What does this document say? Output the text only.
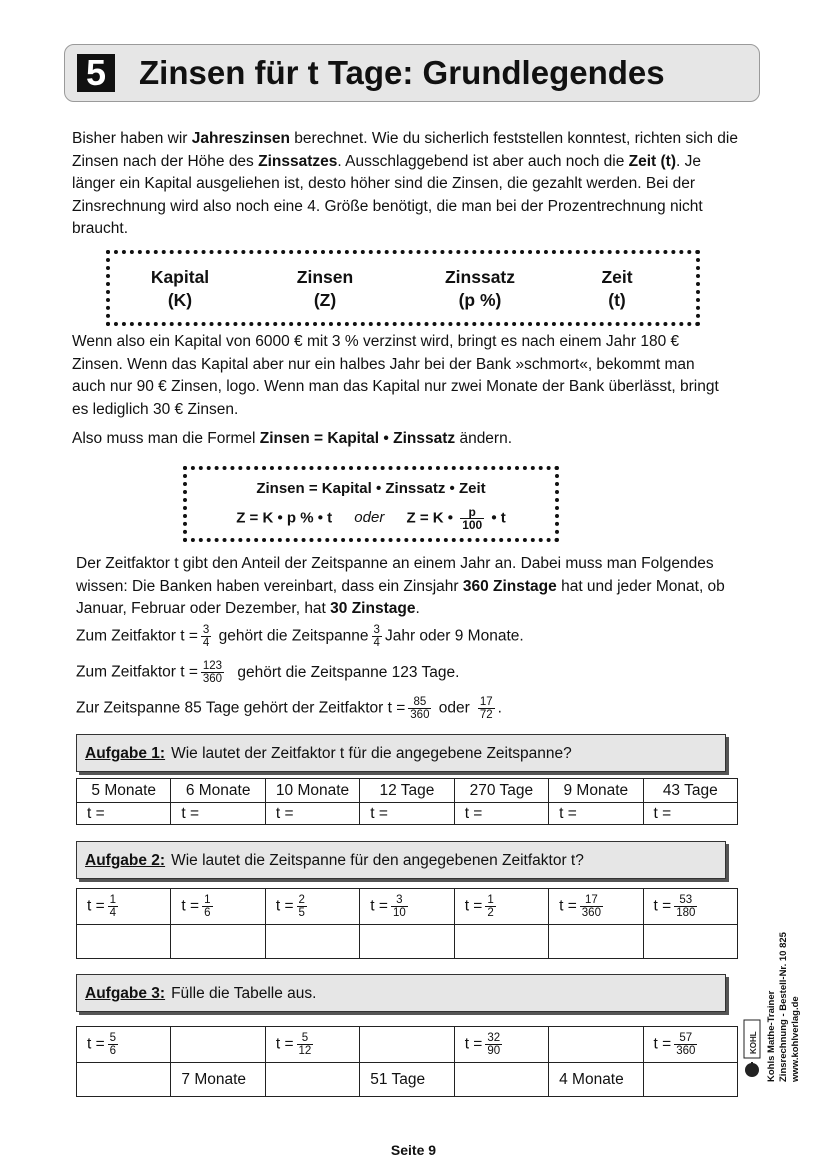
5 Zinsen für t Tage: Grundlegendes

Bisher haben wir Jahreszinsen berechnet. Wie du sicherlich feststellen konntest, richten sich die Zinsen nach der Höhe des Zinssatzes. Ausschlaggebend ist aber auch noch die Zeit (t). Je länger ein Kapital ausgeliehen ist, desto höher sind die Zinsen, die gezahlt werden. Bei der Zinsrechnung wird also noch eine 4. Größe benötigt, die man bei der Prozentrechnung nicht braucht.

Kapital
(K)
Zinsen
(Z)
Zinssatz
(p %)
Zeit
(t)

Wenn also ein Kapital von 6000 € mit 3 % verzinst wird, bringt es nach einem Jahr 180 € Zinsen. Wenn das Kapital aber nur ein halbes Jahr bei der Bank »schmort«, bekommt man auch nur 90 € Zinsen, logo. Wenn man das Kapital nur zwei Monate der Bank überlässt, bringt es lediglich 30 € Zinsen.

Also muss man die Formel Zinsen = Kapital • Zinssatz ändern.

Zinsen = Kapital • Zinssatz • Zeit
Z = K • p % • t oder Z = K • $\frac{p}{100}$ • t

Der Zeitfaktor t gibt den Anteil der Zeitspanne an einem Jahr an. Dabei muss man Folgendes wissen: Die Banken haben vereinbart, dass ein Zinsjahr 360 Zinstage hat und jeder Monat, ob Januar, Februar oder Dezember, hat 30 Zinstage.

Zum Zeitfaktor $t = \frac{3}{4}$ gehört die Zeitspanne $\frac{3}{4}$ Jahr oder 9 Monate.
Zum Zeitfaktor $t = \frac{123}{360}$ gehört die Zeitspanne 123 Tage.
Zur Zeitspanne 85 Tage gehört der Zeitfaktor $t = \frac{85}{360}$ oder $\frac{17}{72}$ .
Aufgabe 1: Wie lautet der Zeitfaktor t für die angegebene Zeitspanne?
5 Monate	6 Monate	10 Monate	12 Tage	270 Tage	9 Monate	43 Tage
t =	t =	t =	t =	t =	t =	t =
Aufgabe 2: Wie lautet die Zeitspanne für den angegebenen Zeitfaktor t?
$t = \frac{1}{4}$	$t = \frac{1}{6}$	$t = \frac{2}{5}$	$t = \frac{3}{10}$	$t = \frac{1}{2}$	$t = \frac{17}{360}$	$t = \frac{53}{180}$

Aufgabe 3: Fülle die Tabelle aus.
$t = \frac{5}{6}$		$t = \frac{5}{12}$		$t = \frac{32}{90}$		$t = \frac{57}{360}$

	7 Monate		51 Tage		4 Monate	
KOHL Kohls Mathe-Trainer Zinsrechnung - Bestell-Nr. 10 825 www.kohlverlag.de
Seite 9
